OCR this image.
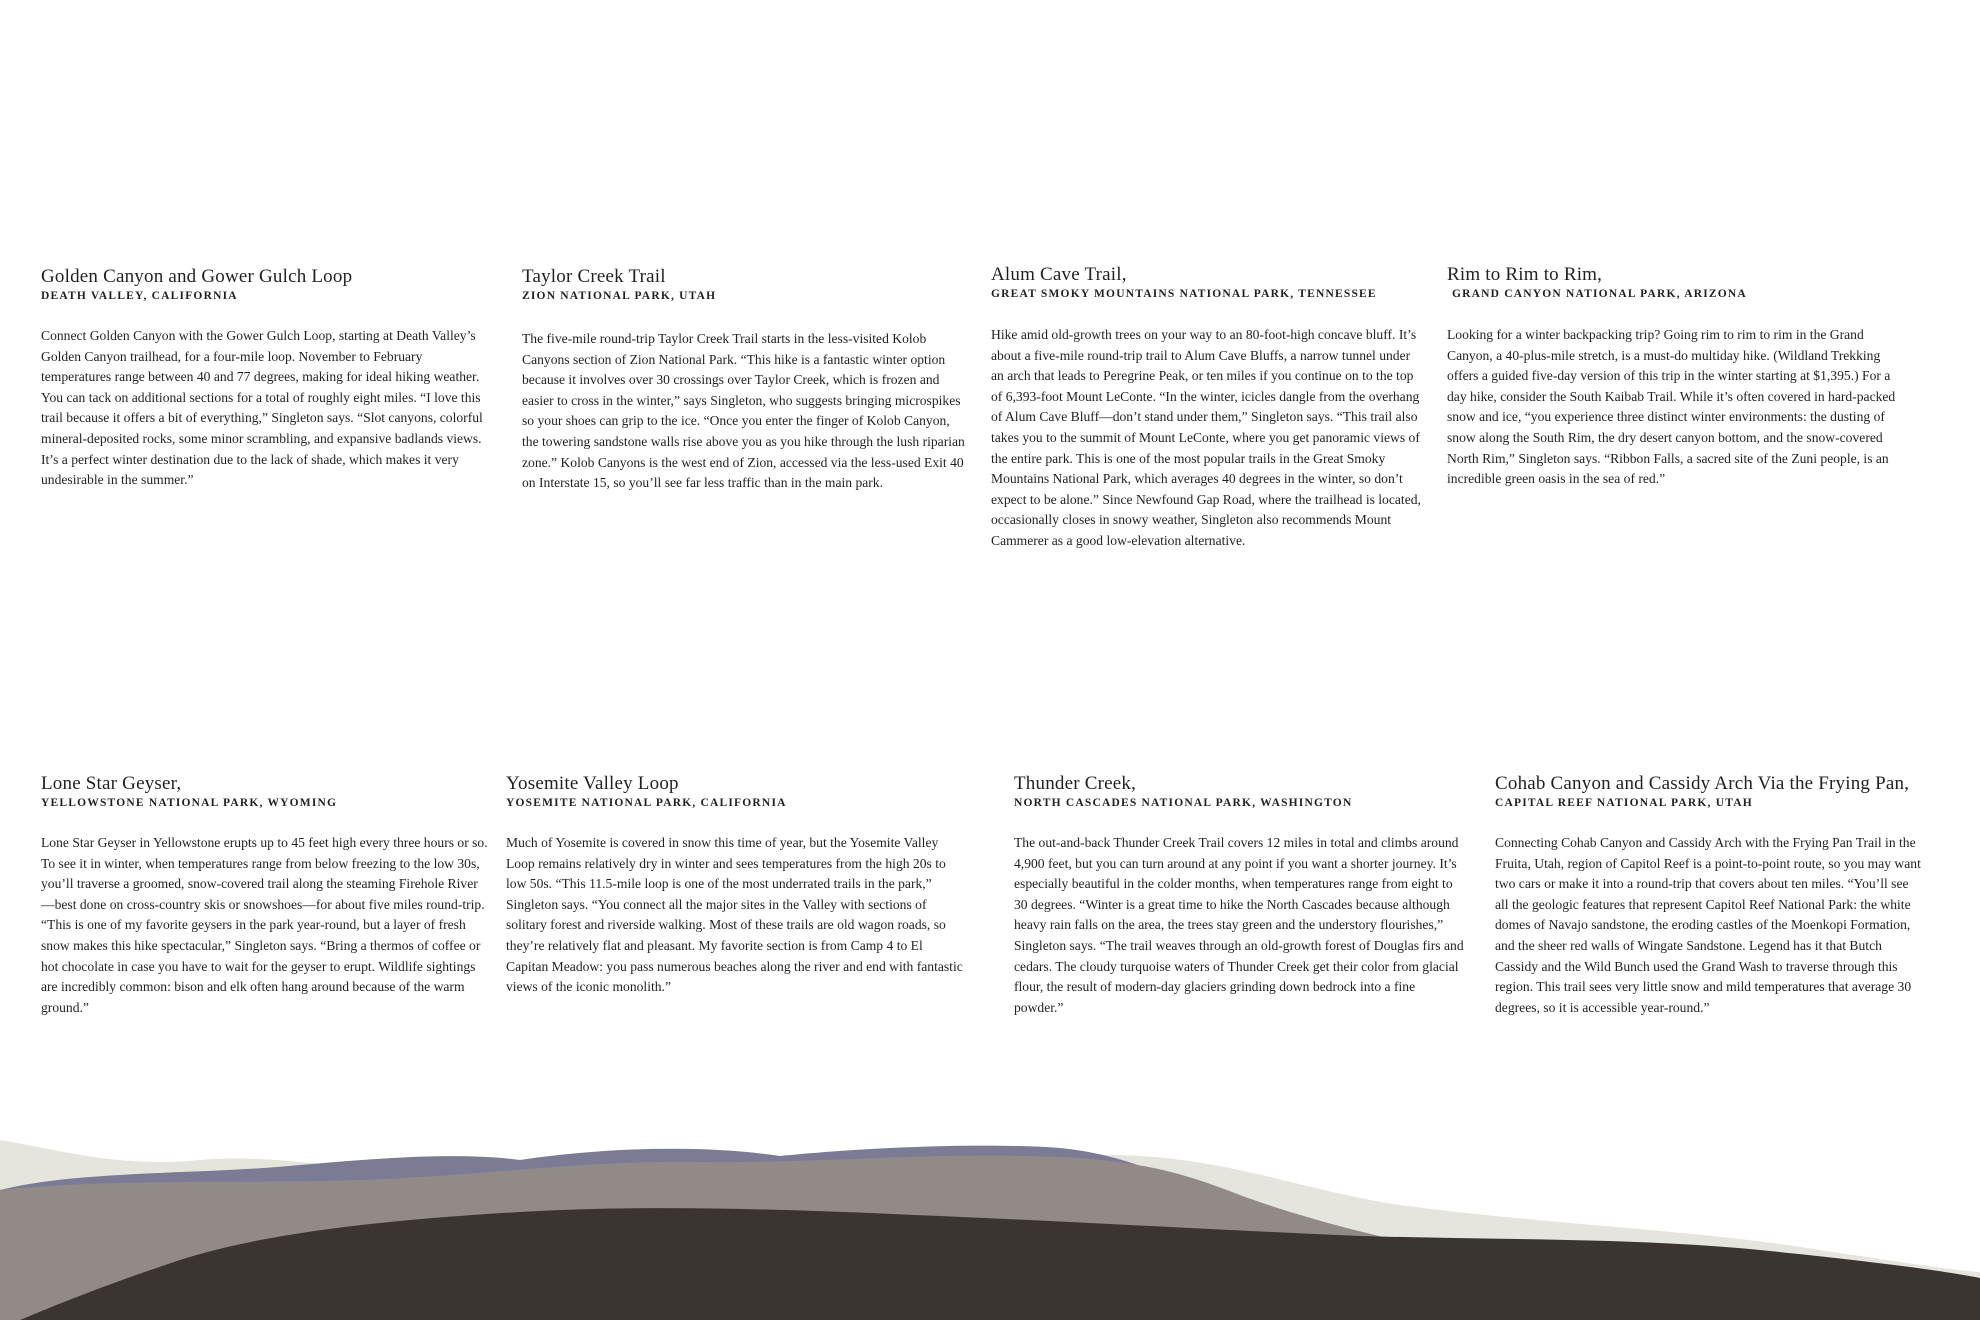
Golden Canyon and Gower Gulch Loop
DEATH VALLEY, CALIFORNIA

Connect Golden Canyon with the Gower Gulch Loop, starting at Death Valley’s Golden Canyon trailhead, for a four-mile loop. November to February temperatures range between 40 and 77 degrees, making for ideal hiking weather. You can tack on additional sections for a total of roughly eight miles. “I love this trail because it offers a bit of everything,” Singleton says. “Slot canyons, colorful mineral-deposited rocks, some minor scrambling, and expansive badlands views. It’s a perfect winter destination due to the lack of shade, which makes it very undesirable in the summer.”

Taylor Creek Trail
ZION NATIONAL PARK, UTAH

The five-mile round-trip Taylor Creek Trail starts in the less-visited Kolob Canyons section of Zion National Park. “This hike is a fantastic winter option because it involves over 30 crossings over Taylor Creek, which is frozen and easier to cross in the winter,” says Singleton, who suggests bringing microspikes so your shoes can grip to the ice. “Once you enter the finger of Kolob Canyon, the towering sandstone walls rise above you as you hike through the lush riparian zone.” Kolob Canyons is the west end of Zion, accessed via the less-used Exit 40 on Interstate 15, so you’ll see far less traffic than in the main park.

Alum Cave Trail,
GREAT SMOKY MOUNTAINS NATIONAL PARK, TENNESSEE

Hike amid old-growth trees on your way to an 80-foot-high concave bluff. It’s about a five-mile round-trip trail to Alum Cave Bluffs, a narrow tunnel under an arch that leads to Peregrine Peak, or ten miles if you continue on to the top of 6,393-foot Mount LeConte. “In the winter, icicles dangle from the overhang of Alum Cave Bluff—don’t stand under them,” Singleton says. “This trail also takes you to the summit of Mount LeConte, where you get panoramic views of the entire park. This is one of the most popular trails in the Great Smoky Mountains National Park, which averages 40 degrees in the winter, so don’t expect to be alone.” Since Newfound Gap Road, where the trailhead is located, occasionally closes in snowy weather, Singleton also recommends Mount Cammerer as a good low-elevation alternative.

Rim to Rim to Rim,
GRAND CANYON NATIONAL PARK, ARIZONA

Looking for a winter backpacking trip? Going rim to rim to rim in the Grand Canyon, a 40-plus-mile stretch, is a must-do multiday hike. (Wildland Trekking offers a guided five-day version of this trip in the winter starting at $1,395.) For a day hike, consider the South Kaibab Trail. While it’s often covered in hard-packed snow and ice, “you experience three distinct winter environments: the dusting of snow along the South Rim, the dry desert canyon bottom, and the snow-covered North Rim,” Singleton says. “Ribbon Falls, a sacred site of the Zuni people, is an incredible green oasis in the sea of red.”

Lone Star Geyser,
YELLOWSTONE NATIONAL PARK, WYOMING

Lone Star Geyser in Yellowstone erupts up to 45 feet high every three hours or so. To see it in winter, when temperatures range from below freezing to the low 30s, you’ll traverse a groomed, snow-covered trail along the steaming Firehole River—best done on cross-country skis or snowshoes—for about five miles round-trip. “This is one of my favorite geysers in the park year-round, but a layer of fresh snow makes this hike spectacular,” Singleton says. “Bring a thermos of coffee or hot chocolate in case you have to wait for the geyser to erupt. Wildlife sightings are incredibly common: bison and elk often hang around because of the warm ground.”

Yosemite Valley Loop
YOSEMITE NATIONAL PARK, CALIFORNIA

Much of Yosemite is covered in snow this time of year, but the Yosemite Valley Loop remains relatively dry in winter and sees temperatures from the high 20s to low 50s. “This 11.5-mile loop is one of the most underrated trails in the park,” Singleton says. “You connect all the major sites in the Valley with sections of solitary forest and riverside walking. Most of these trails are old wagon roads, so they’re relatively flat and pleasant. My favorite section is from Camp 4 to El Capitan Meadow: you pass numerous beaches along the river and end with fantastic views of the iconic monolith.”

Thunder Creek,
NORTH CASCADES NATIONAL PARK, WASHINGTON

The out-and-back Thunder Creek Trail covers 12 miles in total and climbs around 4,900 feet, but you can turn around at any point if you want a shorter journey. It’s especially beautiful in the colder months, when temperatures range from eight to 30 degrees. “Winter is a great time to hike the North Cascades because although heavy rain falls on the area, the trees stay green and the understory flourishes,” Singleton says. “The trail weaves through an old-growth forest of Douglas firs and cedars. The cloudy turquoise waters of Thunder Creek get their color from glacial flour, the result of modern-day glaciers grinding down bedrock into a fine powder.”

Cohab Canyon and Cassidy Arch Via the Frying Pan,
CAPITAL REEF NATIONAL PARK, UTAH

Connecting Cohab Canyon and Cassidy Arch with the Frying Pan Trail in the Fruita, Utah, region of Capitol Reef is a point-to-point route, so you may want two cars or make it into a round-trip that covers about ten miles. “You’ll see all the geologic features that represent Capitol Reef National Park: the white domes of Navajo sandstone, the eroding castles of the Moenkopi Formation, and the sheer red walls of Wingate Sandstone. Legend has it that Butch Cassidy and the Wild Bunch used the Grand Wash to traverse through this region. This trail sees very little snow and mild temperatures that average 30 degrees, so it is accessible year-round.”
